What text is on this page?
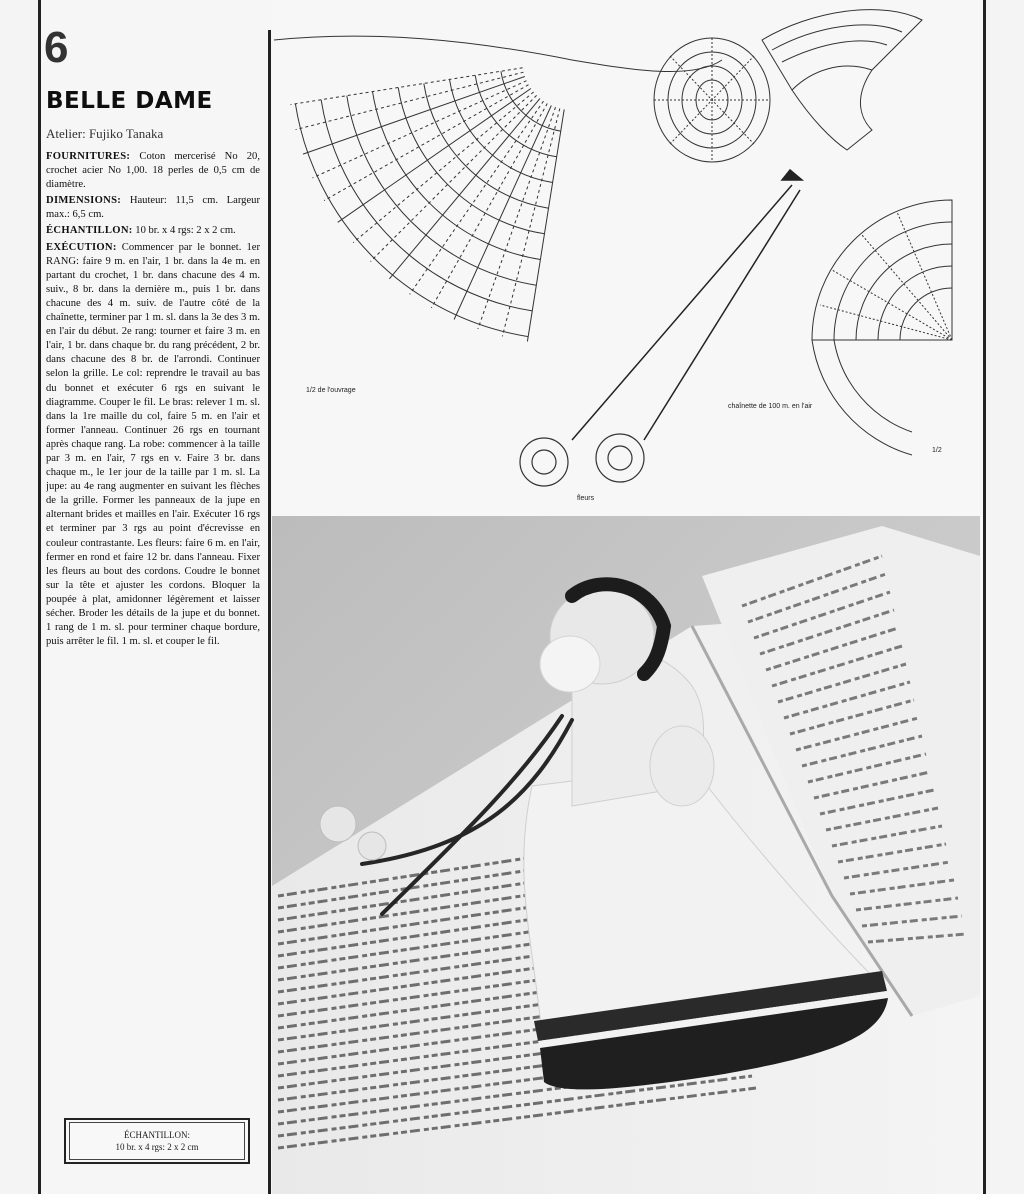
6
BELLE DAME
Atelier: Fujiko Tanaka

FOURNITURES: Coton mercerisé No 20, crochet acier No 1,00. 18 perles de 0,5 cm de diamètre.

DIMENSIONS: Hauteur: 11,5 cm. Largeur max.: 6,5 cm.

ÉCHANTILLON: 10 br. x 4 rgs: 2 x 2 cm.

EXÉCUTION: Commencer par le bonnet. 1er RANG: faire 9 m. en l'air, 1 br. dans la 4e m. en partant du crochet, 1 br. dans chacune des 4 m. suiv., 8 br. dans la dernière m., puis 1 br. dans chacune des 4 m. suiv. de l'autre côté de la chaînette, terminer par 1 m. sl. dans la 3e des 3 m. en l'air du début. 2e rang: tourner et faire 3 m. en l'air, 1 br. dans chaque br. du rang précédent, 2 br. dans chacune des 8 br. de l'arrondi. Continuer selon la grille. Le col: reprendre le travail au bas du bonnet et exécuter 6 rgs en suivant le diagramme. Couper le fil. Le bras: relever 1 m. sl. dans la 1re maille du col, faire 5 m. en l'air et former l'anneau. Continuer 26 rgs en tournant après chaque rang. La robe: commencer à la taille par 3 m. en l'air, 7 rgs en v. Faire 3 br. dans chaque m., le 1er jour de la taille par 1 m. sl. La jupe: au 4e rang augmenter en suivant les flèches de la grille. Former les panneaux de la jupe en alternant brides et mailles en l'air. Exécuter 16 rgs et terminer par 3 rgs au point d'écrevisse en couleur contrastante. Les fleurs: faire 6 m. en l'air, fermer en rond et faire 12 br. dans l'anneau. Fixer les fleurs au bout des cordons. Coudre le bonnet sur la tête et ajuster les cordons. Bloquer la poupée à plat, amidonner légèrement et laisser sécher. Broder les détails de la jupe et du bonnet. 1 rang de 1 m. sl. pour terminer chaque bordure, puis arrêter le fil. 1 m. sl. et couper le fil.

ÉCHANTILLON:
10 br. x 4 rgs: 2 x 2 cm
1/2 de l'ouvrage
fleurs
chaînette de 100 m. en l'air
1/2
